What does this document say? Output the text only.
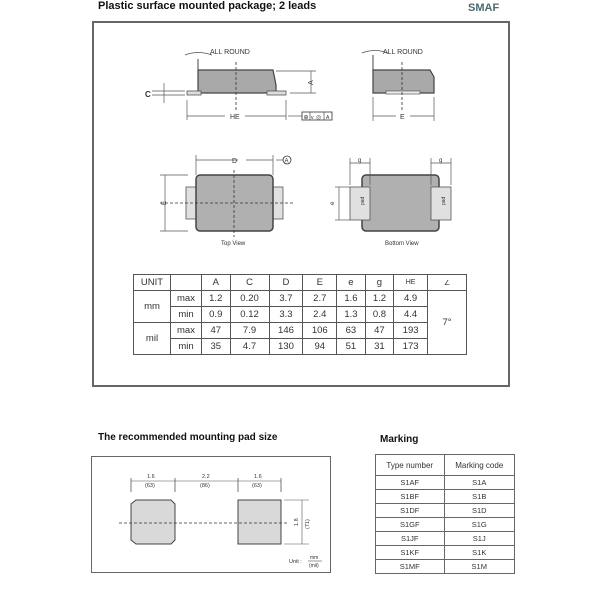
Plastic surface mounted package; 2 leads	SMAF
ALL ROUND
A
C
HE	⊕ v ◎ A
ALL ROUND
E
D	A
E
Top View
pad	pad
g	g
e
Bottom View
UNIT		A	C	D	E	e	g	HE	∠
mm	max	1.2	0.20	3.7	2.7	1.6	1.2	4.9	7°
	min	0.9	0.12	3.3	2.4	1.3	0.8	4.4	
mil	max	47	7.9	146	106	63	47	193	
	min	35	4.7	130	94	51	31	173	
The recommended mounting pad size
1.6
(63)
2.2
(86)
1.6
(63)
1.8 (71)
Unit :
mm
(mil)
Marking
Type number	Marking code
S1AF	S1A
S1BF	S1B
S1DF	S1D
S1GF	S1G
S1JF	S1J
S1KF	S1K
S1MF	S1M
